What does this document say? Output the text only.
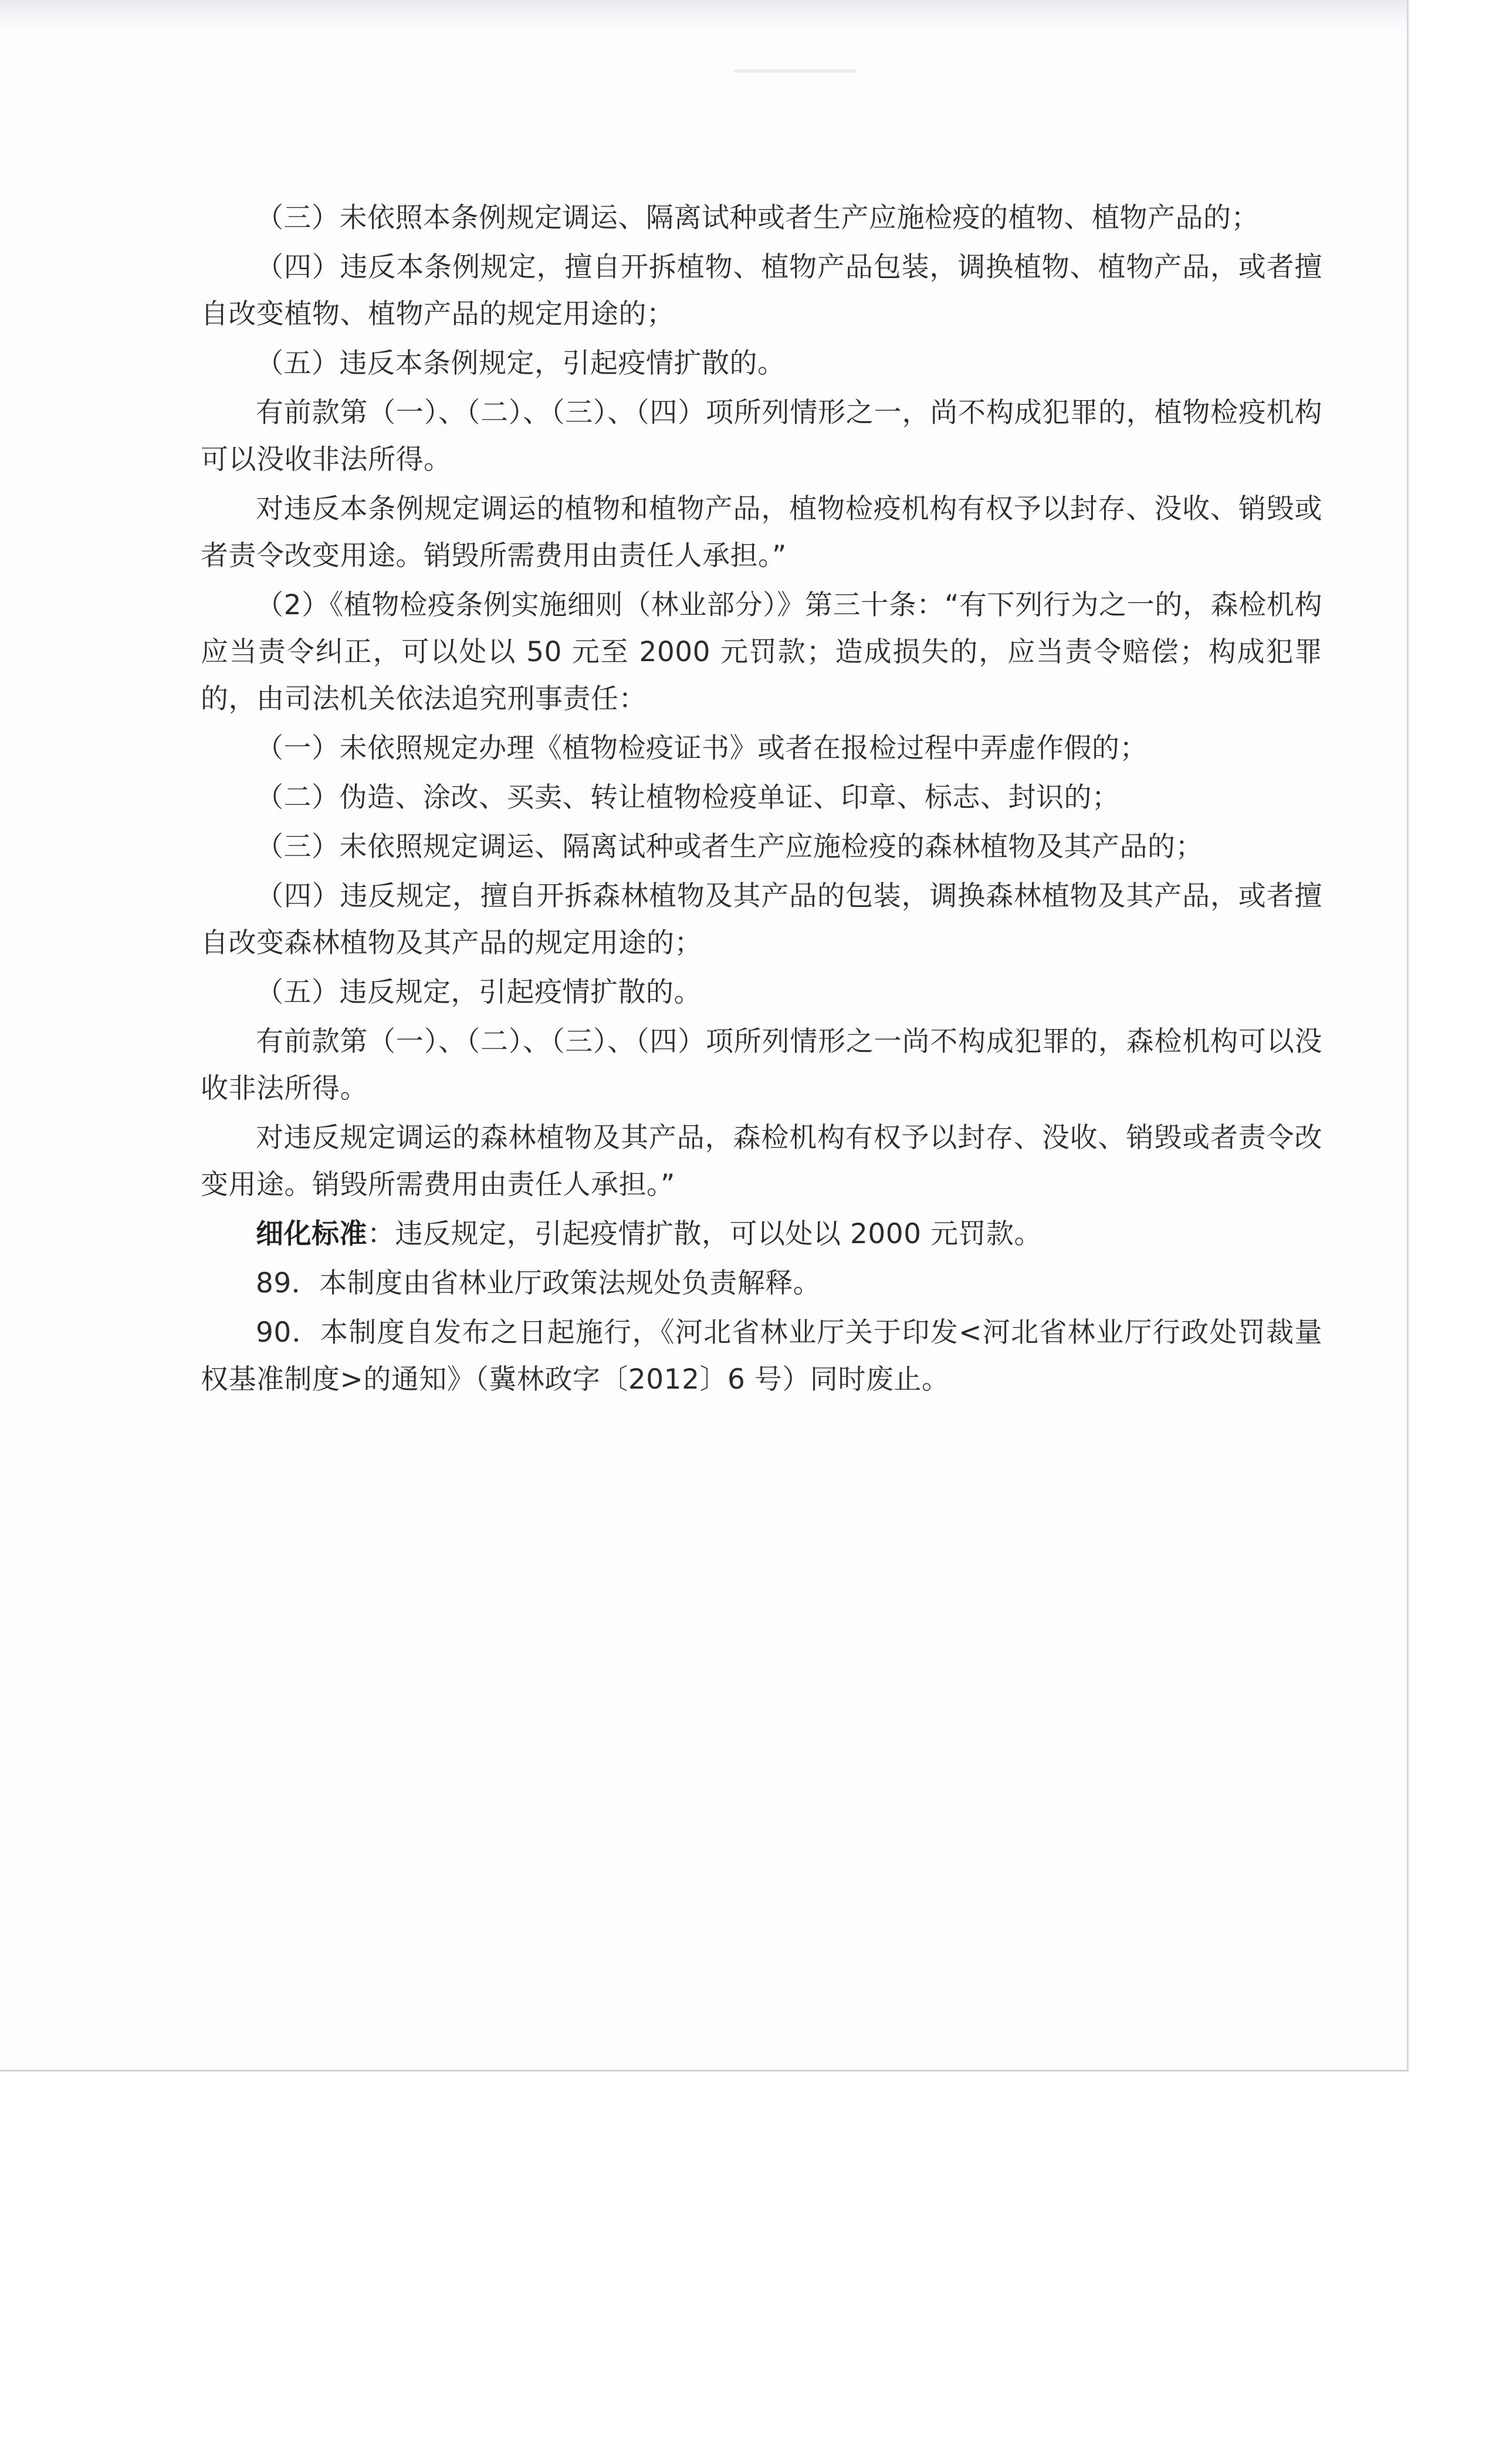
（三）未依照本条例规定调运、隔离试种或者生产应施检疫的植物、植物产品的；

（四）违反本条例规定，擅自开拆植物、植物产品包装，调换植物、植物产品，或者擅自改变植物、植物产品的规定用途的；

（五）违反本条例规定，引起疫情扩散的。

有前款第（一）、（二）、（三）、（四）项所列情形之一，尚不构成犯罪的，植物检疫机构可以没收非法所得。

对违反本条例规定调运的植物和植物产品，植物检疫机构有权予以封存、没收、销毁或者责令改变用途。销毁所需费用由责任人承担。”

（2）《植物检疫条例实施细则（林业部分）》第三十条：“有下列行为之一的，森检机构应当责令纠正，可以处以 50 元至 2000 元罚款；造成损失的，应当责令赔偿；构成犯罪的，由司法机关依法追究刑事责任：

（一）未依照规定办理《植物检疫证书》或者在报检过程中弄虚作假的；

（二）伪造、涂改、买卖、转让植物检疫单证、印章、标志、封识的；

（三）未依照规定调运、隔离试种或者生产应施检疫的森林植物及其产品的；

（四）违反规定，擅自开拆森林植物及其产品的包装，调换森林植物及其产品，或者擅自改变森林植物及其产品的规定用途的；

（五）违反规定，引起疫情扩散的。

有前款第（一）、（二）、（三）、（四）项所列情形之一尚不构成犯罪的，森检机构可以没收非法所得。

对违反规定调运的森林植物及其产品，森检机构有权予以封存、没收、销毁或者责令改变用途。销毁所需费用由责任人承担。”

细化标准：违反规定，引起疫情扩散，可以处以 2000 元罚款。

89．本制度由省林业厅政策法规处负责解释。

90．本制度自发布之日起施行，《河北省林业厅关于印发<河北省林业厅行政处罚裁量权基准制度>的通知》（冀林政字〔2012〕6 号）同时废止。
